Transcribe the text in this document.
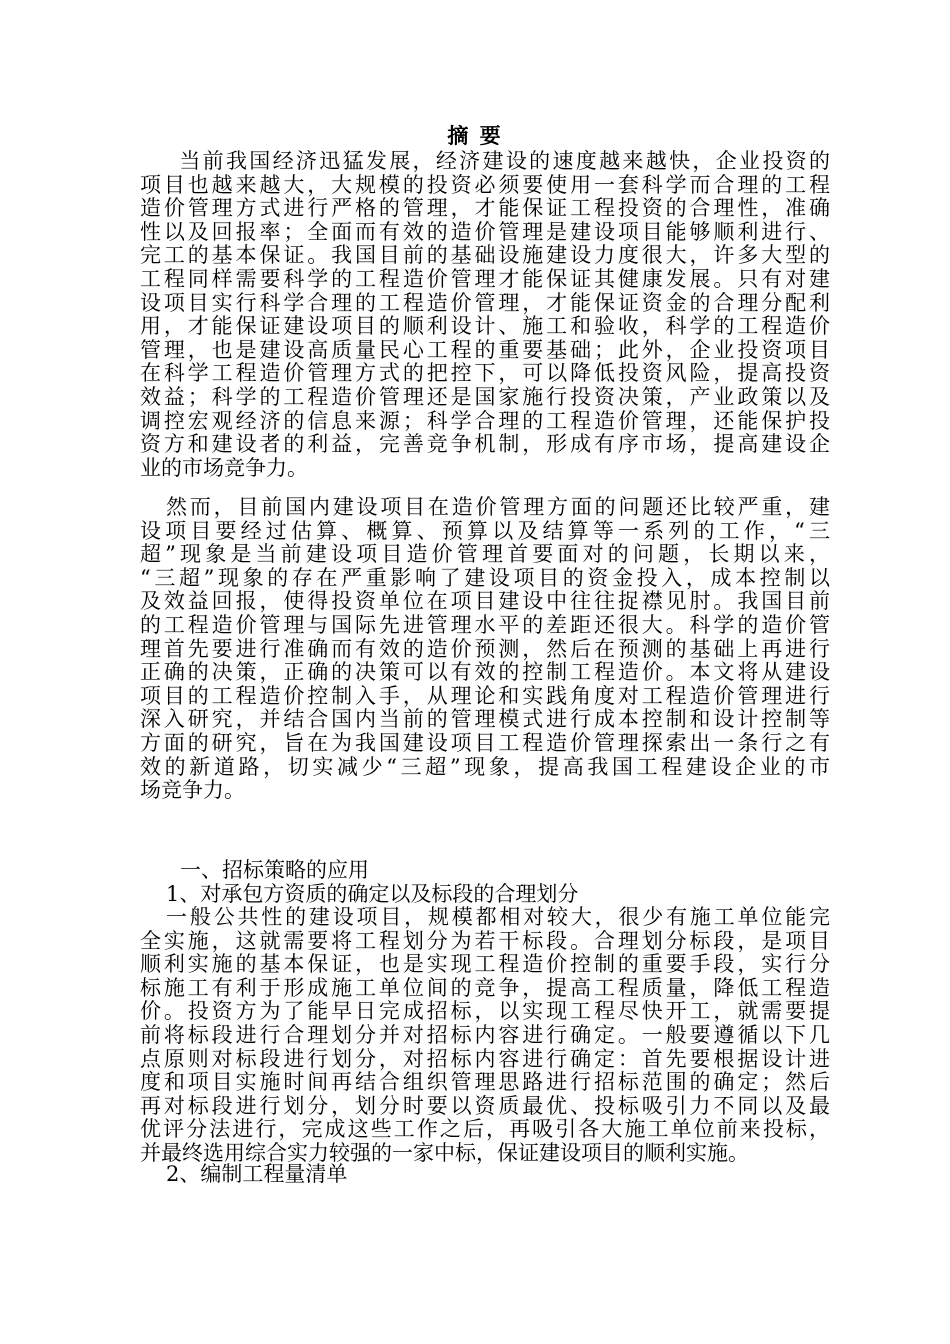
摘 要
　当前我国经济迅猛发展，经济建设的速度越来越快，企业投资的
项目也越来越大，大规模的投资必须要使用一套科学而合理的工程
造价管理方式进行严格的管理，才能保证工程投资的合理性，准确
性以及回报率；全面而有效的造价管理是建设项目能够顺利进行、
完工的基本保证。我国目前的基础设施建设力度很大，许多大型的
工程同样需要科学的工程造价管理才能保证其健康发展。只有对建
设项目实行科学合理的工程造价管理，才能保证资金的合理分配利
用，才能保证建设项目的顺利设计、施工和验收，科学的工程造价
管理，也是建设高质量民心工程的重要基础；此外，企业投资项目
在科学工程造价管理方式的把控下，可以降低投资风险，提高投资
效益；科学的工程造价管理还是国家施行投资决策，产业政策以及
调控宏观经济的信息来源；科学合理的工程造价管理，还能保护投
资方和建设者的利益，完善竞争机制，形成有序市场，提高建设企
业的市场竞争力。
然而，目前国内建设项目在造价管理方面的问题还比较严重，建
设项目要经过估算、概算、预算以及结算等一系列的工作，“三
超”现象是当前建设项目造价管理首要面对的问题，长期以来，
“三超”现象的存在严重影响了建设项目的资金投入，成本控制以
及效益回报，使得投资单位在项目建设中往往捉襟见肘。我国目前
的工程造价管理与国际先进管理水平的差距还很大。科学的造价管
理首先要进行准确而有效的造价预测，然后在预测的基础上再进行
正确的决策，正确的决策可以有效的控制工程造价。本文将从建设
项目的工程造价控制入手，从理论和实践角度对工程造价管理进行
深入研究，并结合国内当前的管理模式进行成本控制和设计控制等
方面的研究，旨在为我国建设项目工程造价管理探索出一条行之有
效的新道路，切实减少“三超”现象，提高我国工程建设企业的市
场竞争力。
一、招标策略的应用
1、对承包方资质的确定以及标段的合理划分
一般公共性的建设项目，规模都相对较大，很少有施工单位能完
全实施，这就需要将工程划分为若干标段。合理划分标段，是项目
顺利实施的基本保证，也是实现工程造价控制的重要手段，实行分
标施工有利于形成施工单位间的竞争，提高工程质量，降低工程造
价。投资方为了能早日完成招标，以实现工程尽快开工，就需要提
前将标段进行合理划分并对招标内容进行确定。一般要遵循以下几
点原则对标段进行划分，对招标内容进行确定：首先要根据设计进
度和项目实施时间再结合组织管理思路进行招标范围的确定；然后
再对标段进行划分，划分时要以资质最优、投标吸引力不同以及最
优评分法进行，完成这些工作之后，再吸引各大施工单位前来投标，
并最终选用综合实力较强的一家中标，保证建设项目的顺利实施。
2、编制工程量清单
